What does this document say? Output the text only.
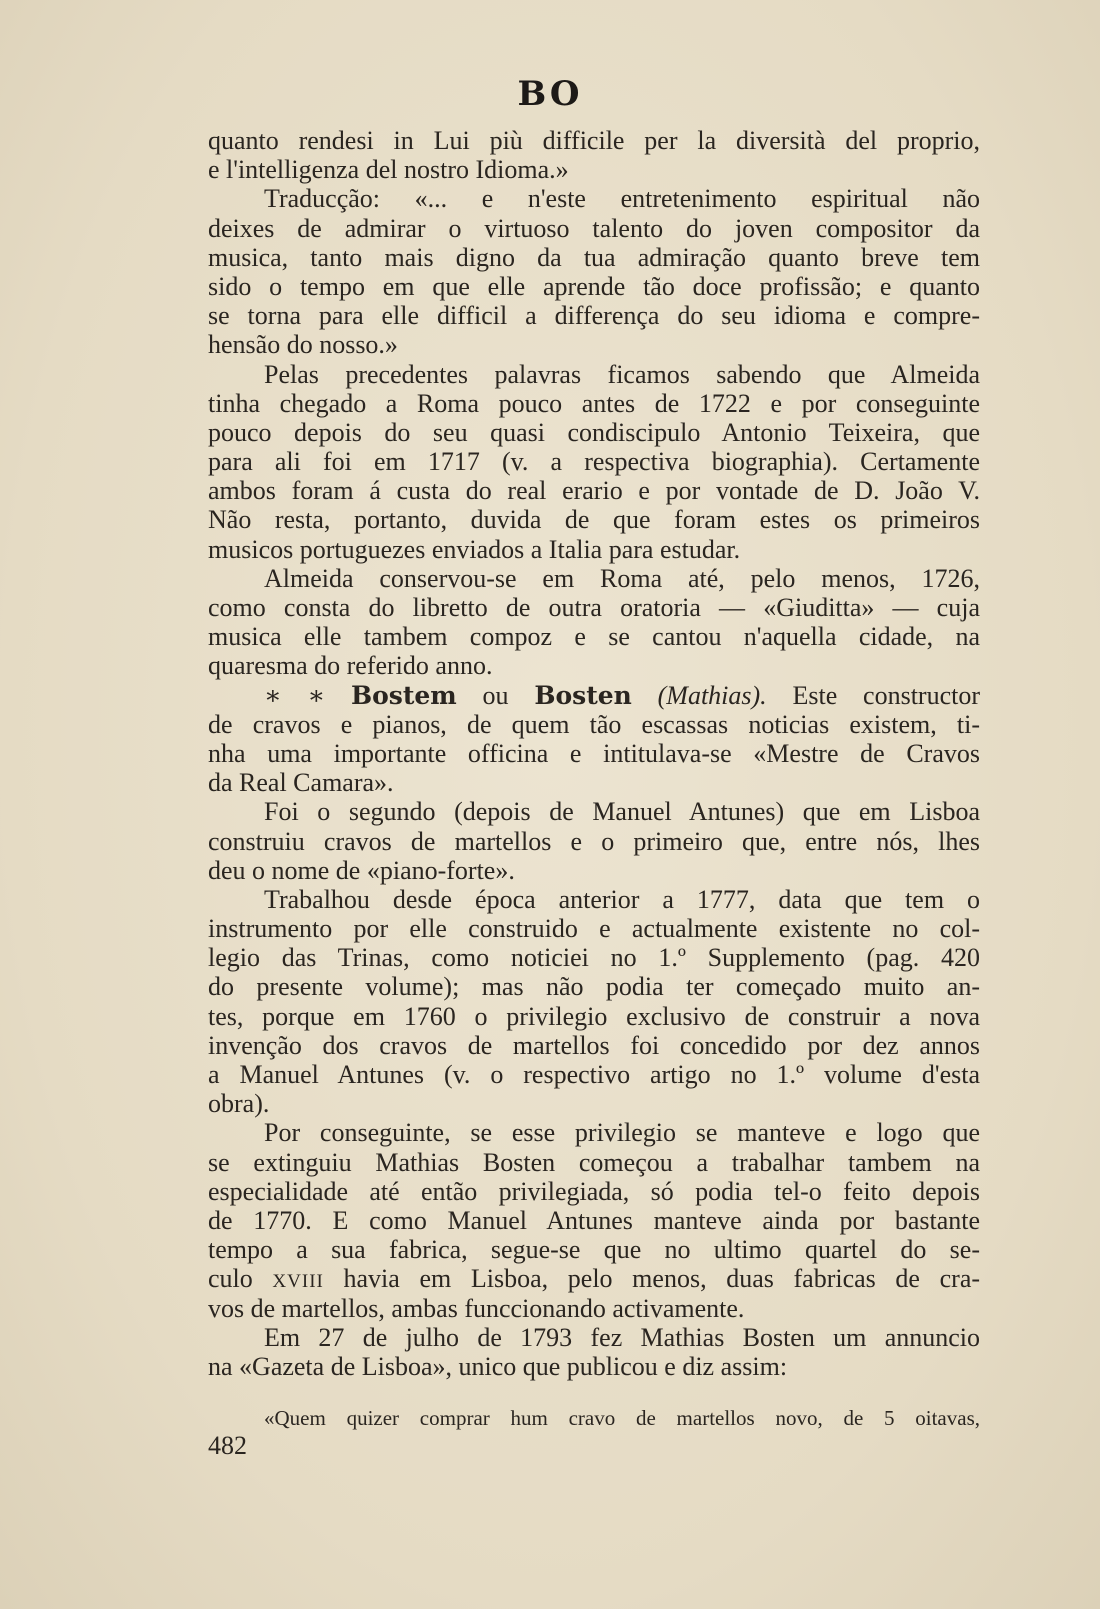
BO
quanto rendesi in Lui più difficile per la diversità del proprio,
e l'intelligenza del nostro Idioma.»
Traducção: «... e n'este entretenimento espiritual não
deixes de admirar o virtuoso talento do joven compositor da
musica, tanto mais digno da tua admiração quanto breve tem
sido o tempo em que elle aprende tão doce profissão; e quanto
se torna para elle difficil a differença do seu idioma e compre-
hensão do nosso.»
Pelas precedentes palavras ficamos sabendo que Almeida
tinha chegado a Roma pouco antes de 1722 e por conseguinte
pouco depois do seu quasi condiscipulo Antonio Teixeira, que
para ali foi em 1717 (v. a respectiva biographia). Certamente
ambos foram á custa do real erario e por vontade de D. João V.
Não resta, portanto, duvida de que foram estes os primeiros
musicos portuguezes enviados a Italia para estudar.
Almeida conservou-se em Roma até, pelo menos, 1726,
como consta do libretto de outra oratoria — «Giuditta» — cuja
musica elle tambem compoz e se cantou n'aquella cidade, na
quaresma do referido anno.
∗ ∗ Bostem ou Bosten (Mathias). Este constructor
de cravos e pianos, de quem tão escassas noticias existem, ti-
nha uma importante officina e intitulava-se «Mestre de Cravos
da Real Camara».
Foi o segundo (depois de Manuel Antunes) que em Lisboa
construiu cravos de martellos e o primeiro que, entre nós, lhes
deu o nome de «piano-forte».
Trabalhou desde época anterior a 1777, data que tem o
instrumento por elle construido e actualmente existente no col-
legio das Trinas, como noticiei no 1.º Supplemento (pag. 420
do presente volume); mas não podia ter começado muito an-
tes, porque em 1760 o privilegio exclusivo de construir a nova
invenção dos cravos de martellos foi concedido por dez annos
a Manuel Antunes (v. o respectivo artigo no 1.º volume d'esta
obra).
Por conseguinte, se esse privilegio se manteve e logo que
se extinguiu Mathias Bosten começou a trabalhar tambem na
especialidade até então privilegiada, só podia tel-o feito depois
de 1770. E como Manuel Antunes manteve ainda por bastante
tempo a sua fabrica, segue-se que no ultimo quartel do se-
culo XVIII havia em Lisboa, pelo menos, duas fabricas de cra-
vos de martellos, ambas funccionando activamente.
Em 27 de julho de 1793 fez Mathias Bosten um annuncio
na «Gazeta de Lisboa», unico que publicou e diz assim:
«Quem quizer comprar hum cravo de martellos novo, de 5 oitavas,
482
